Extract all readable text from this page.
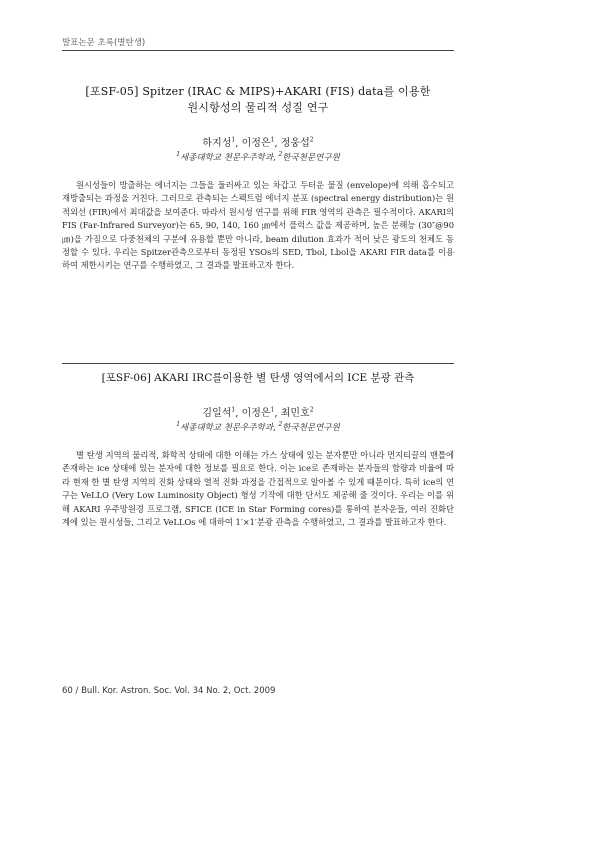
발표논문 초록(별탄생)
[포SF-05] Spitzer (IRAC & MIPS)+AKARI (FIS) data를 이용한
원시항성의 물리적 성질 연구
하지성$^1$, 이정은$^1$, 정웅섭$^2$
$^1$세종대학교 천문우주학과, $^2$한국천문연구원
원시성들이 방출하는 에너지는 그들을 둘러싸고 있는 차갑고 두터운 물질 (envelope)에 의해 흡수되고 재방출되는 과정을 거친다. 그러므로 관측되는 스펙트럼 에너지 분포 (spectral energy distribution)는 원적외선 (FIR)에서 최대값을 보여준다. 따라서 원시성 연구를 위해 FIR 영역의 관측은 필수적이다. AKARI의 FIS (Far-Infrared Surveyor)는 65, 90, 140, 160 ㎛에서 플럭스 값을 제공하며, 높은 분해능 (30″@90 ㎛)을 가짐으로 다중천체의 구분에 유용할 뿐만 아니라, beam dilution 효과가 적어 낮은 광도의 천체도 동정할 수 있다. 우리는 Spitzer관측으로부터 동정된 YSOs의 SED, Tbol, Lbol을 AKARI FIR data를 이용하여 제한시키는 연구를 수행하였고, 그 결과를 발표하고자 한다.
[포SF-06] AKARI IRC를이용한 별 탄생 영역에서의 ICE 분광 관측
김일석$^1$, 이정은$^1$, 최민호$^2$
$^1$세종대학교 천문우주학과, $^2$한국천문연구원
별 탄생 지역의 물리적, 화학적 상태에 대한 이해는 가스 상태에 있는 분자뿐만 아니라 먼지티끌의 맨틀에 존재하는 ice 상태에 있는 분자에 대한 정보를 필요로 한다. 이는 ice로 존재하는 분자들의 함량과 비율에 따라 현재 한 별 탄생 지역의 진화 상태와 열적 진화 과정을 간접적으로 알아볼 수 있게 때문이다. 특히 ice의 연구는 VeLLO (Very Low Luminosity Object) 형성 기작에 대한 단서도 제공해 줄 것이다. 우리는 이를 위해 AKARI 우주망원경 프로그램, SFICE (ICE in Star Forming cores)를 통하여 분자운들, 여러 진화단계에 있는 원시성들, 그리고 VeLLOs 에 대하여 1′×1′분광 관측을 수행하였고, 그 결과를 발표하고자 한다.
60 / Bull. Kor. Astron. Soc. Vol. 34 No. 2, Oct. 2009
